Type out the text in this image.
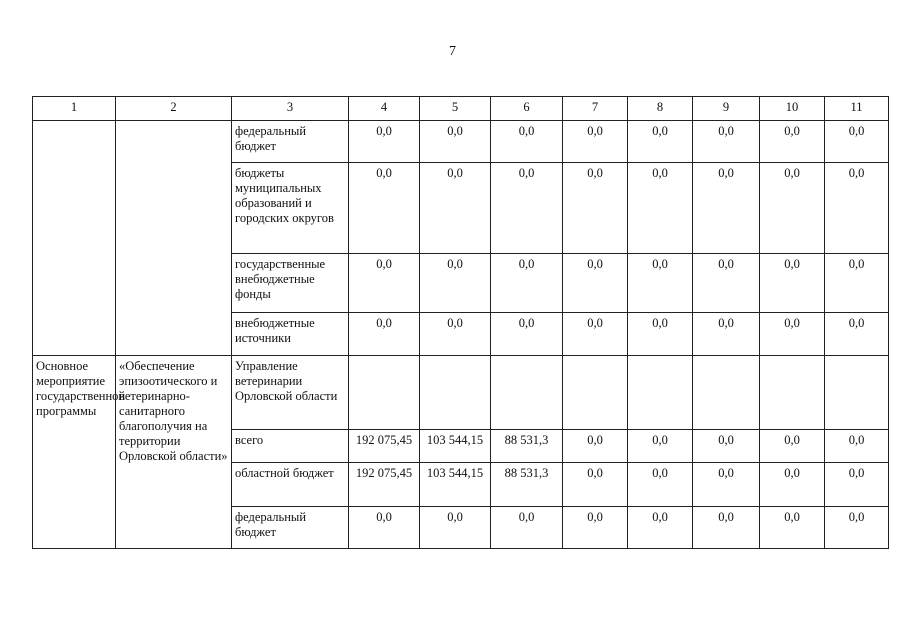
7
1	2	3	4	5	6	7	8	9	10	11
		федеральный бюджет	0,0	0,0	0,0	0,0	0,0	0,0	0,0	0,0
		бюджеты муниципальных образований и городских округов	0,0	0,0	0,0	0,0	0,0	0,0	0,0	0,0
		государственные внебюджетные фонды	0,0	0,0	0,0	0,0	0,0	0,0	0,0	0,0
		внебюджетные источники	0,0	0,0	0,0	0,0	0,0	0,0	0,0	0,0
Основное мероприятие государственной программы	«Обеспечение эпизоотического и ветеринарно-санитарного благополучия на территории Орловской области»	Управление ветеринарии Орловской области								
		всего	192 075,45	103 544,15	88 531,3	0,0	0,0	0,0	0,0	0,0
		областной бюджет	192 075,45	103 544,15	88 531,3	0,0	0,0	0,0	0,0	0,0
		федеральный бюджет	0,0	0,0	0,0	0,0	0,0	0,0	0,0	0,0
